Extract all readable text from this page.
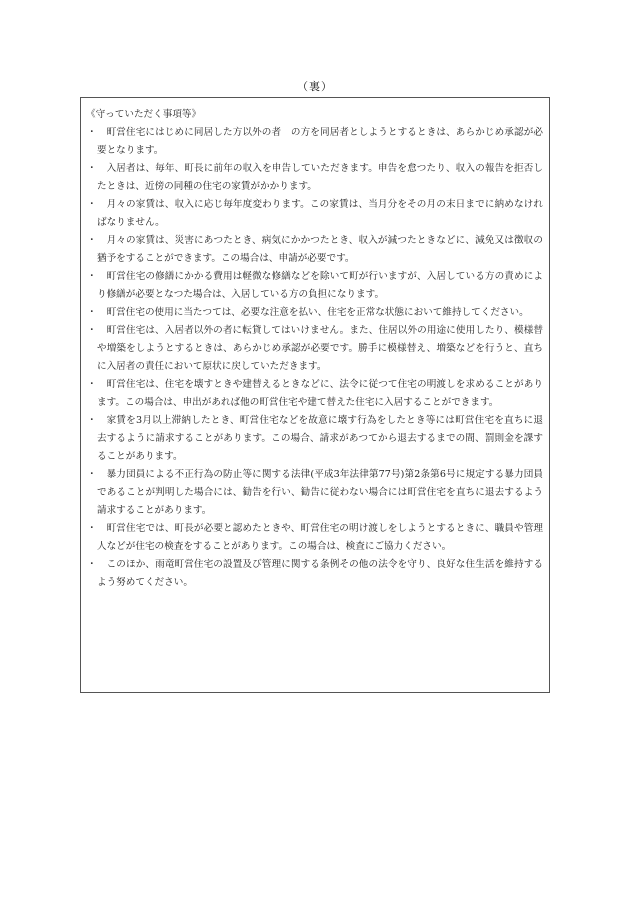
（裏）
《守っていただく事項等》
・	町営住宅にはじめに同居した方以外の者　の方を同居者としようとするときは、あらかじめ承認が必要となります。
・	入居者は、毎年、町長に前年の収入を申告していただきます。申告を怠つたり、収入の報告を拒否したときは、近傍の同種の住宅の家賃がかかります。
・	月々の家賃は、収入に応じ毎年度変わります。この家賃は、当月分をその月の末日までに納めなければなりません。
・	月々の家賃は、災害にあつたとき、病気にかかつたとき、収入が減つたときなどに、減免又は徴収の猶予をすることができます。この場合は、申請が必要です。
・	町営住宅の修繕にかかる費用は軽微な修繕などを除いて町が行いますが、入居している方の責めにより修繕が必要となつた場合は、入居している方の負担になります。
・	町営住宅の使用に当たつては、必要な注意を払い、住宅を正常な状態において維持してください。
・	町営住宅は、入居者以外の者に転貸してはいけません。また、住居以外の用途に使用したり、模様替や増築をしようとするときは、あらかじめ承認が必要です。勝手に模様替え、増築などを行うと、直ちに入居者の責任において原状に戻していただきます。
・	町営住宅は、住宅を壊すときや建替えるときなどに、法令に従つて住宅の明渡しを求めることがあります。この場合は、申出があれば他の町営住宅や建て替えた住宅に入居することができます。
・	家賃を3月以上滞納したとき、町営住宅などを故意に壊す行為をしたとき等には町営住宅を直ちに退去するように請求することがあります。この場合、請求があつてから退去するまでの間、罰則金を課することがあります。
・	暴力団員による不正行為の防止等に関する法律(平成3年法律第77号)第2条第6号に規定する暴力団員であることが判明した場合には、勧告を行い、勧告に従わない場合には町営住宅を直ちに退去するよう請求することがあります。
・	町営住宅では、町長が必要と認めたときや、町営住宅の明け渡しをしようとするときに、職員や管理人などが住宅の検査をすることがあります。この場合は、検査にご協力ください。
・	このほか、雨竜町営住宅の設置及び管理に関する条例その他の法令を守り、良好な住生活を維持するよう努めてください。
